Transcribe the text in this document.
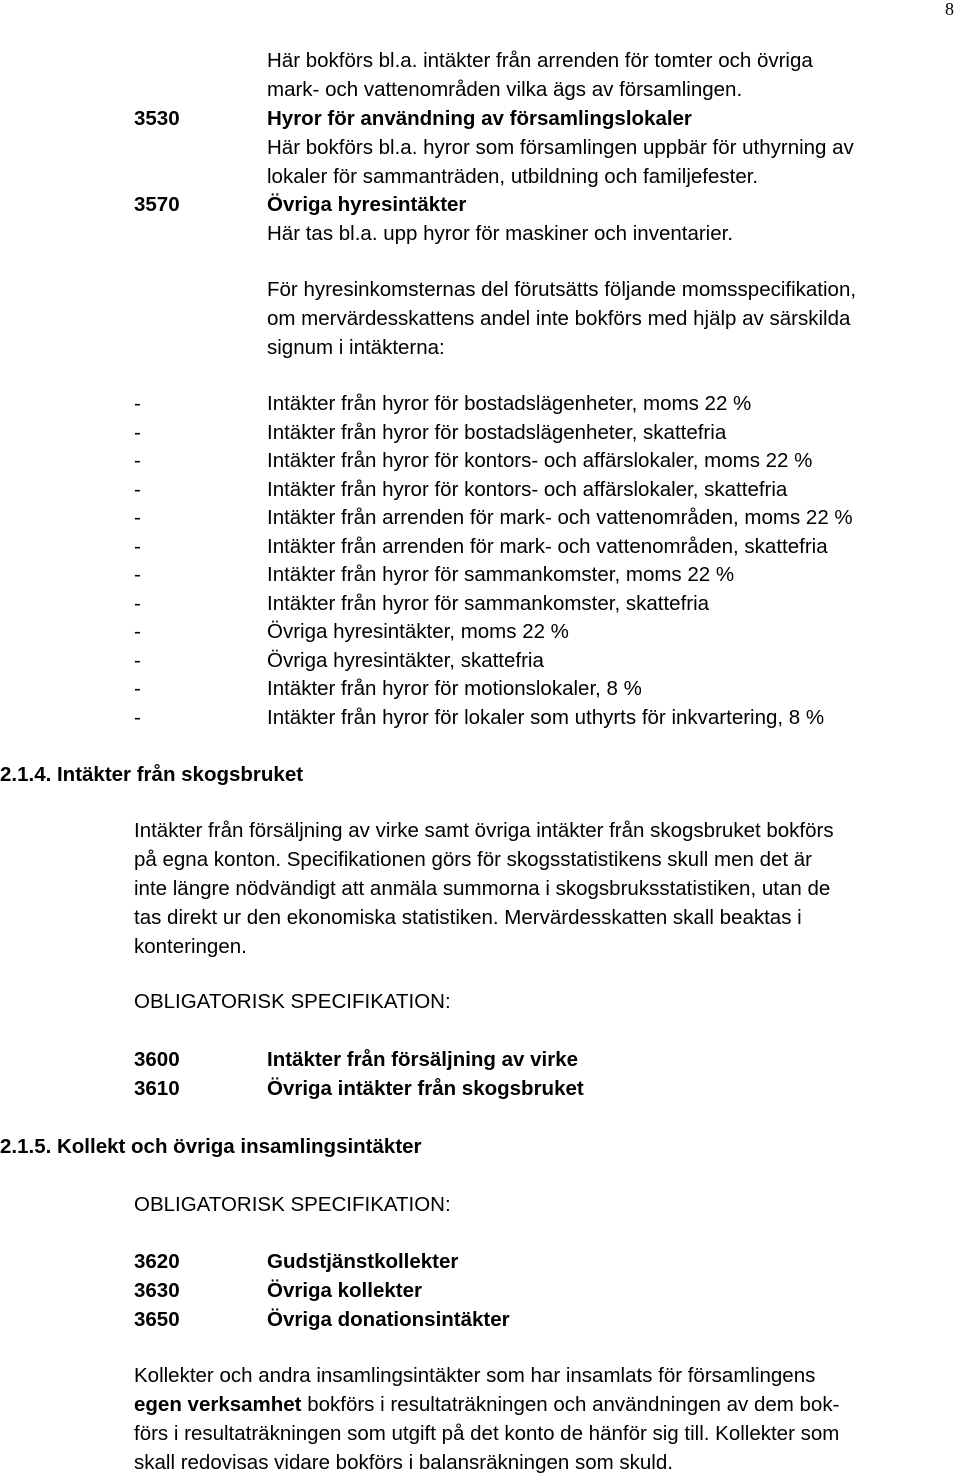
8
Här bokförs bl.a. intäkter från arrenden för tomter och övriga
mark- och vattenområden vilka ägs av församlingen.
3530	Hyror för användning av församlingslokaler
Här bokförs bl.a. hyror som församlingen uppbär för uthyrning av
lokaler för sammanträden, utbildning och familjefester.
3570	Övriga hyresintäkter
Här tas bl.a. upp hyror för maskiner och inventarier.
För hyresinkomsternas del förutsätts följande momsspecifikation,
om mervärdesskattens andel inte bokförs med hjälp av särskilda
signum i intäkterna:
-	Intäkter från hyror för bostadslägenheter, moms 22 %
-	Intäkter från hyror för bostadslägenheter, skattefria
-	Intäkter från hyror för kontors- och affärslokaler, moms 22 %
-	Intäkter från hyror för kontors- och affärslokaler, skattefria
-	Intäkter från arrenden för mark- och vattenområden, moms 22 %
-	Intäkter från arrenden för mark- och vattenområden, skattefria
-	Intäkter från hyror för sammankomster, moms 22 %
-	Intäkter från hyror för sammankomster, skattefria
-	Övriga hyresintäkter, moms 22 %
-	Övriga hyresintäkter, skattefria
-	Intäkter från hyror för motionslokaler, 8 %
-	Intäkter från hyror för lokaler som uthyrts för inkvartering, 8 %
2.1.4. Intäkter från skogsbruket
Intäkter från försäljning av virke samt övriga intäkter från skogsbruket bokförs
på egna konton. Specifikationen görs för skogsstatistikens skull men det är
inte längre nödvändigt att anmäla summorna i skogsbruksstatistiken, utan de
tas direkt ur den ekonomiska statistiken. Mervärdesskatten skall beaktas i
konteringen.
OBLIGATORISK SPECIFIKATION:
3600	Intäkter från försäljning av virke
3610	Övriga intäkter från skogsbruket
2.1.5. Kollekt och övriga insamlingsintäkter
OBLIGATORISK SPECIFIKATION:
3620	Gudstjänstkollekter
3630	Övriga kollekter
3650	Övriga donationsintäkter
Kollekter och andra insamlingsintäkter som har insamlats för församlingens
egen verksamhet bokförs i resultaträkningen och användningen av dem bok-
förs i resultaträkningen som utgift på det konto de hänför sig till. Kollekter som
skall redovisas vidare bokförs i balansräkningen som skuld.
